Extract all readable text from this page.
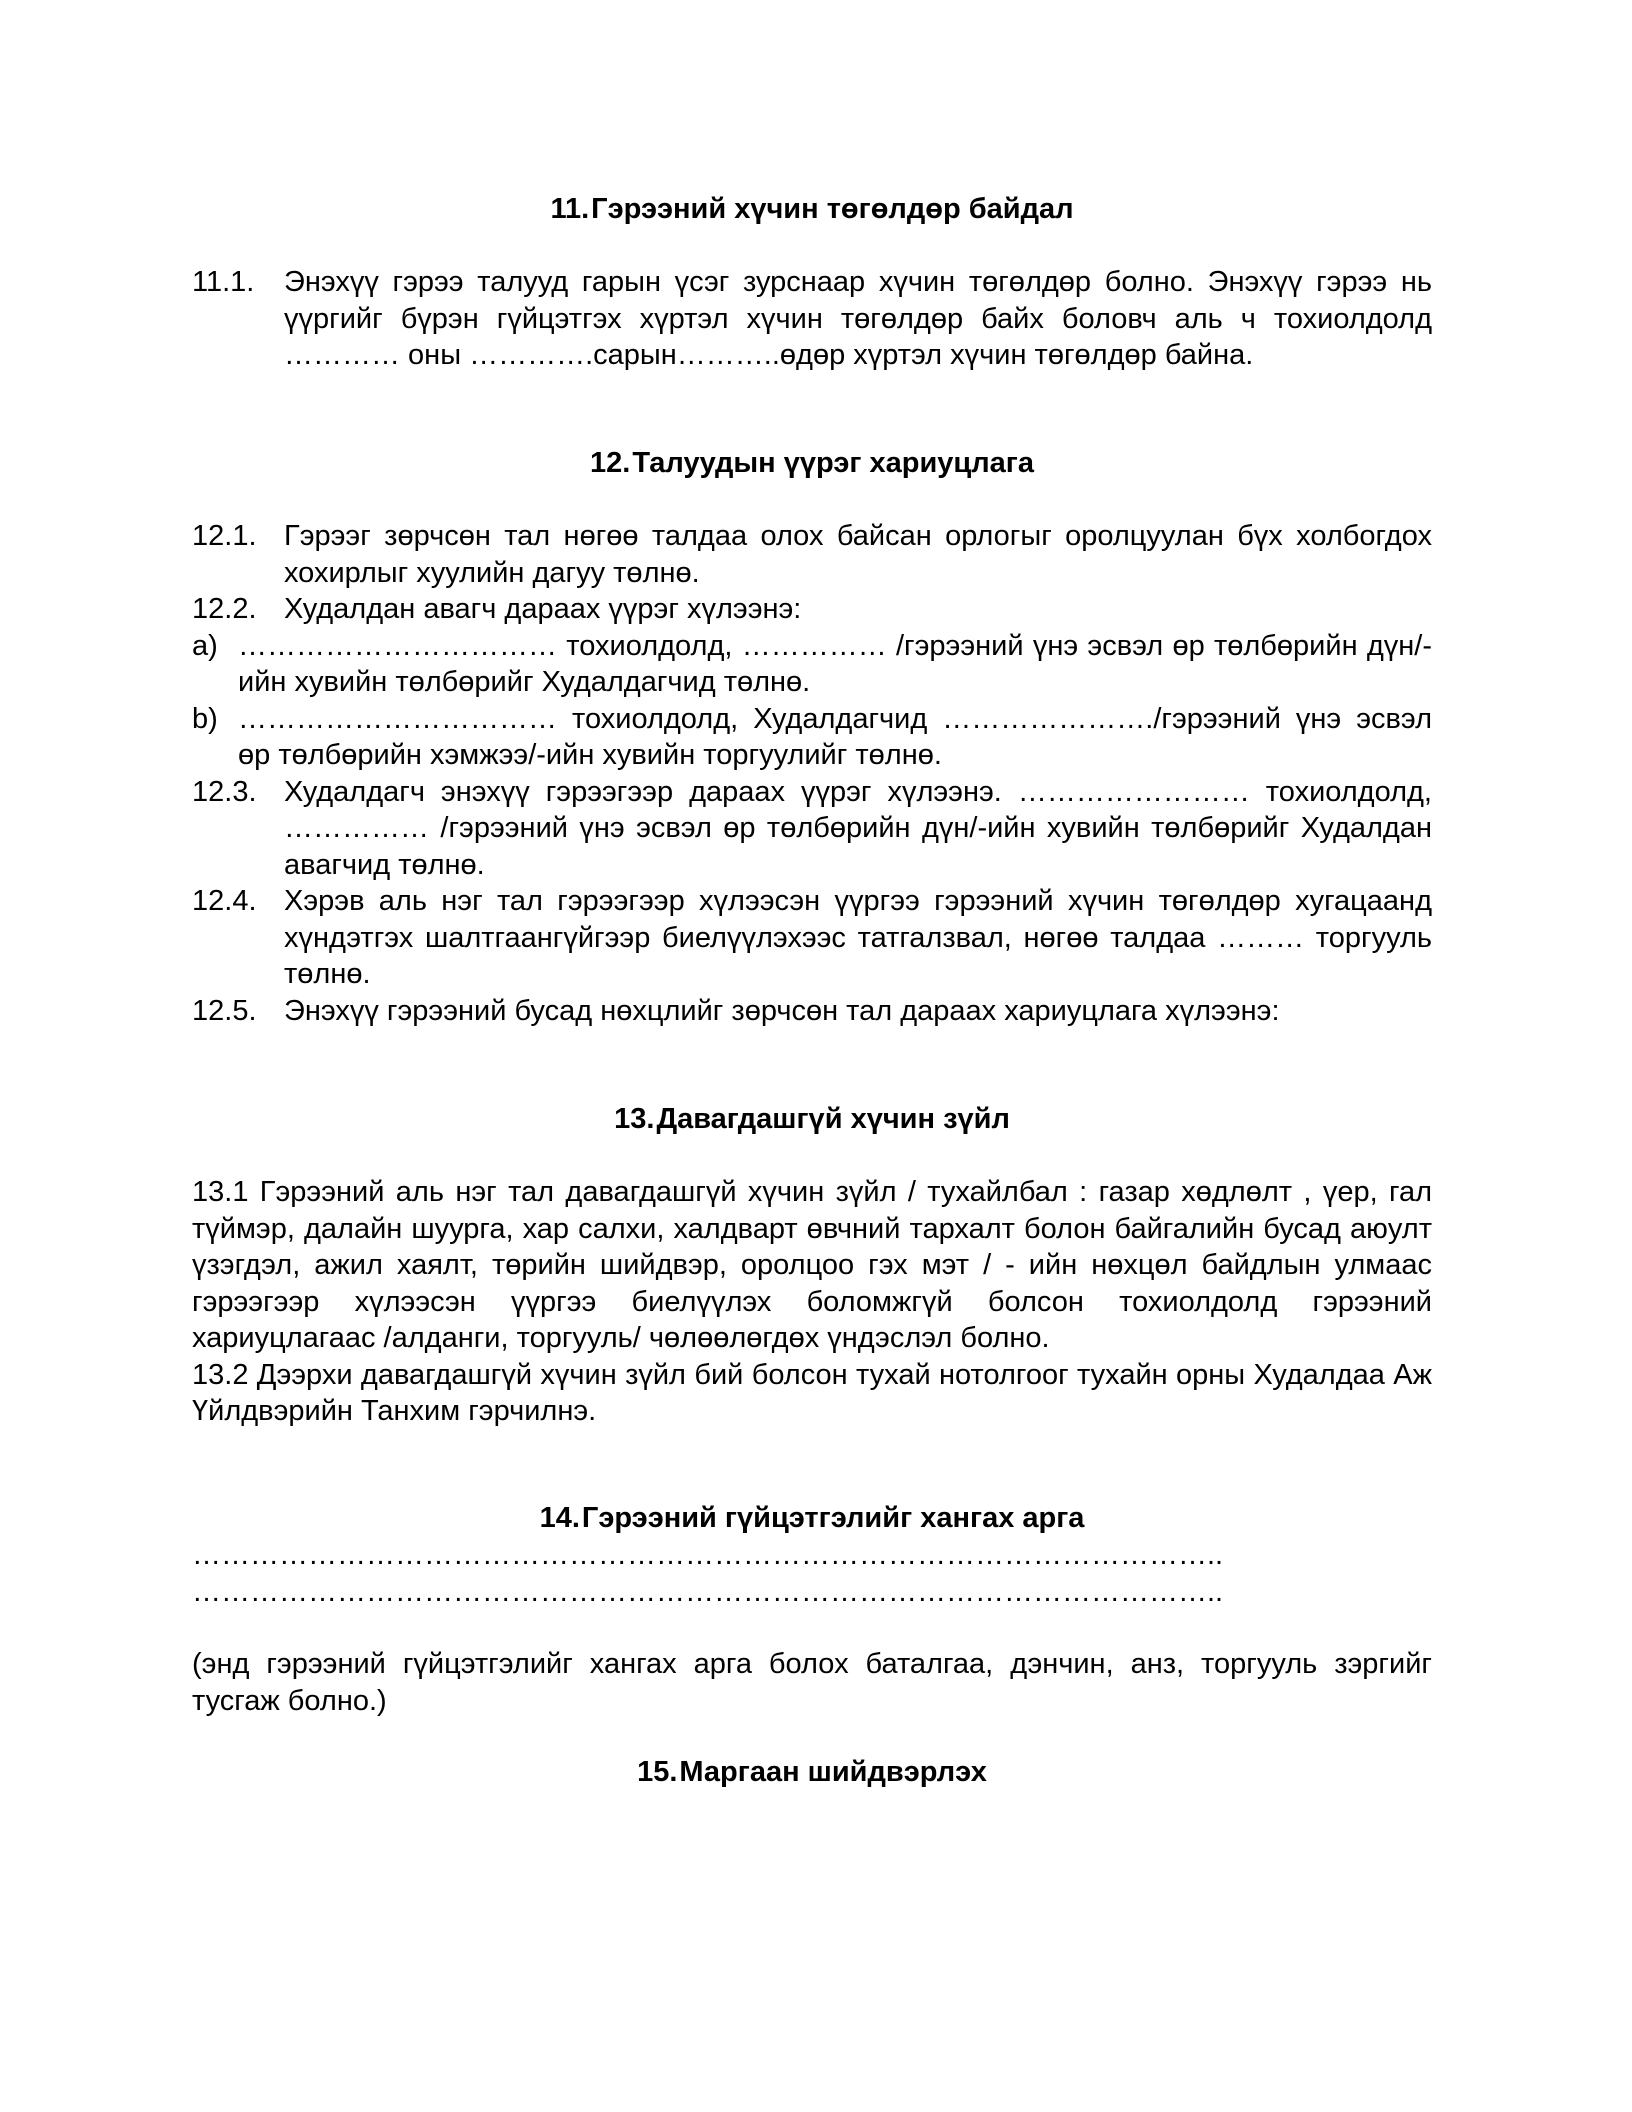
11.Гэрээний хүчин төгөлдөр байдал
11.1. Энэхүү гэрээ талууд гарын үсэг зурснаар хүчин төгөлдөр болно. Энэхүү гэрээ нь үүргийг бүрэн гүйцэтгэх хүртэл хүчин төгөлдөр байх боловч аль ч тохиолдолд ………… оны ………….сарын………..өдөр хүртэл хүчин төгөлдөр байна.
12.Талуудын үүрэг хариуцлага
12.1. Гэрээг зөрчсөн тал нөгөө талдаа олох байсан орлогыг оролцуулан бүх холбогдох хохирлыг хуулийн дагуу төлнө.
12.2. Худалдан авагч дараах үүрэг хүлээнэ:
a) …………………………… тохиолдолд, …………… /гэрээний үнэ эсвэл өр төлбөрийн дүн/-ийн хувийн төлбөрийг Худалдагчид төлнө.
b) …………………………… тохиолдолд, Худалдагчид …………………./гэрээний үнэ эсвэл өр төлбөрийн хэмжээ/-ийн хувийн торгуулийг төлнө.
12.3. Худалдагч энэхүү гэрээгээр дараах үүрэг хүлээнэ. …………………… тохиолдолд, …………… /гэрээний үнэ эсвэл өр төлбөрийн дүн/-ийн хувийн төлбөрийг Худалдан авагчид төлнө.
12.4. Хэрэв аль нэг тал гэрээгээр хүлээсэн үүргээ гэрээний хүчин төгөлдөр хугацаанд хүндэтгэх шалтгаангүйгээр биелүүлэхээс татгалзвал, нөгөө талдаа ……… торгууль төлнө.
12.5. Энэхүү гэрээний бусад нөхцлийг зөрчсөн тал дараах хариуцлага хүлээнэ:
13.Давагдашгүй хүчин зүйл

13.1 Гэрээний аль нэг тал давагдашгүй хүчин зүйл / тухайлбал : газар хөдлөлт , үер, гал түймэр, далайн шуурга, хар салхи, халдварт өвчний тархалт болон байгалийн бусад аюулт үзэгдэл, ажил хаялт, төрийн шийдвэр, оролцоо гэх мэт / - ийн нөхцөл байдлын улмаас гэрээгээр хүлээсэн үүргээ биелүүлэх боломжгүй болсон тохиолдолд гэрээний хариуцлагаас /алданги, торгууль/ чөлөөлөгдөх үндэслэл болно.

13.2 Дээрхи давагдашгүй хүчин зүйл бий болсон тухай нотолгоог тухайн орны Худалдаа Аж Үйлдвэрийн Танхим гэрчилнэ.

14.Гэрээний гүйцэтгэлийг хангах арга

……………………………………………………………………………………………..

……………………………………………………………………………………………..

(энд гэрээний гүйцэтгэлийг хангах арга болох баталгаа, дэнчин, анз, торгууль зэргийг тусгаж болно.)

15.Маргаан шийдвэрлэх
